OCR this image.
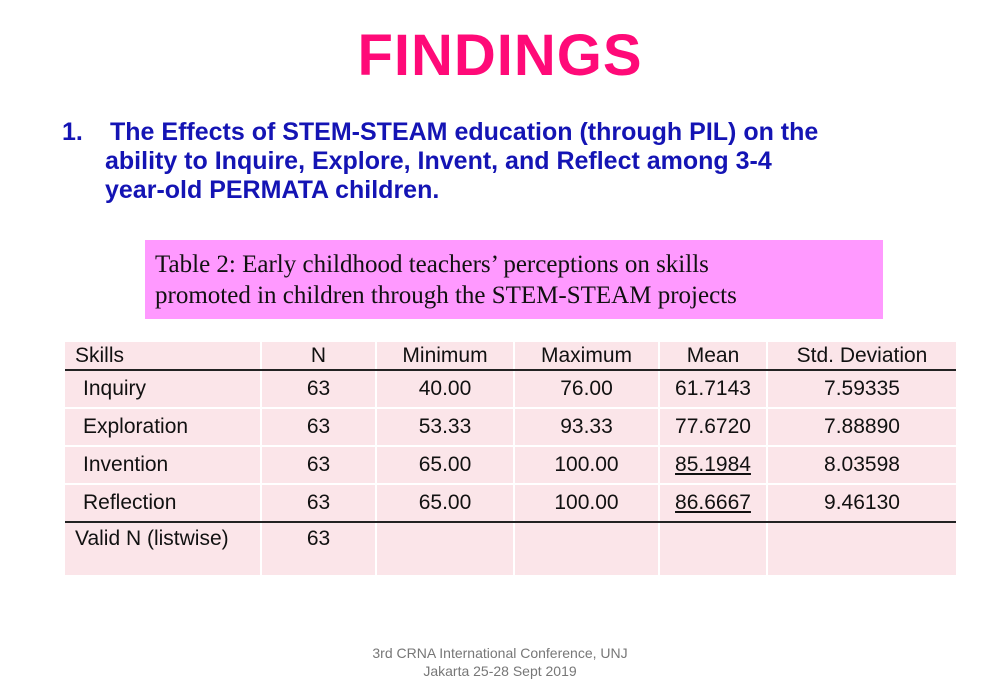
FINDINGS
1. The Effects of STEM-STEAM education (through PIL) on the
ability to Inquire, Explore, Invent, and Reflect among 3-4
year-old PERMATA children.
Table 2: Early childhood teachers’ perceptions on skills
promoted in children through the STEM-STEAM projects
Skills	N	Minimum	Maximum	Mean	Std. Deviation
Inquiry	63	40.00	76.00	61.7143	7.59335
Exploration	63	53.33	93.33	77.6720	7.88890
Invention	63	65.00	100.00	85.1984	8.03598
Reflection	63	65.00	100.00	86.6667	9.46130
Valid N (listwise)	63				
3rd CRNA International Conference, UNJ
Jakarta 25-28 Sept 2019
